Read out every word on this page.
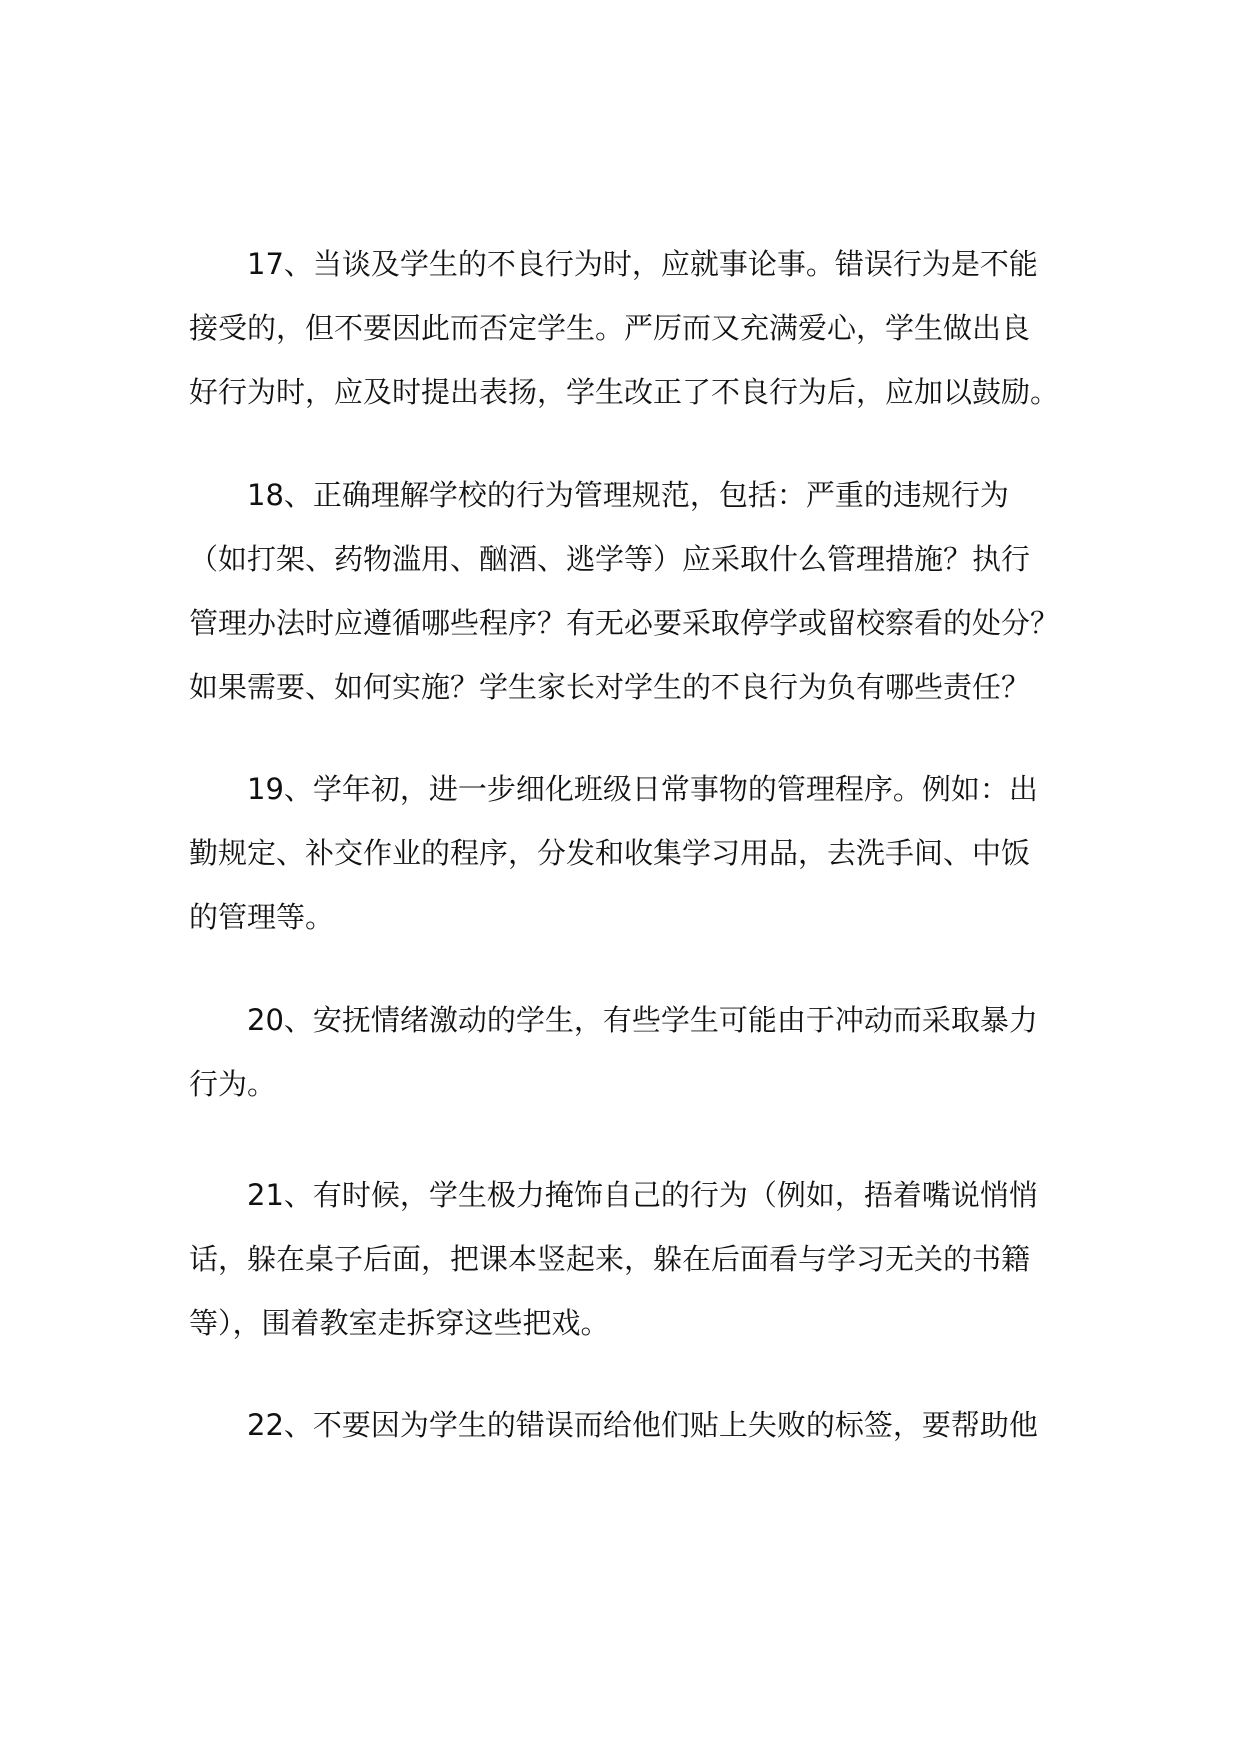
17、当谈及学生的不良行为时，应就事论事。错误行为是不能
接受的，但不要因此而否定学生。严厉而又充满爱心，学生做出良
好行为时，应及时提出表扬，学生改正了不良行为后，应加以鼓励。

18、正确理解学校的行为管理规范，包括：严重的违规行为
（如打架、药物滥用、酗酒、逃学等）应采取什么管理措施？执行
管理办法时应遵循哪些程序？有无必要采取停学或留校察看的处分？
如果需要、如何实施？学生家长对学生的不良行为负有哪些责任？

19、学年初，进一步细化班级日常事物的管理程序。例如：出
勤规定、补交作业的程序，分发和收集学习用品，去洗手间、中饭
的管理等。

20、安抚情绪激动的学生，有些学生可能由于冲动而采取暴力
行为。

21、有时候，学生极力掩饰自己的行为（例如，捂着嘴说悄悄
话，躲在桌子后面，把课本竖起来，躲在后面看与学习无关的书籍
等），围着教室走拆穿这些把戏。

22、不要因为学生的错误而给他们贴上失败的标签，要帮助他
